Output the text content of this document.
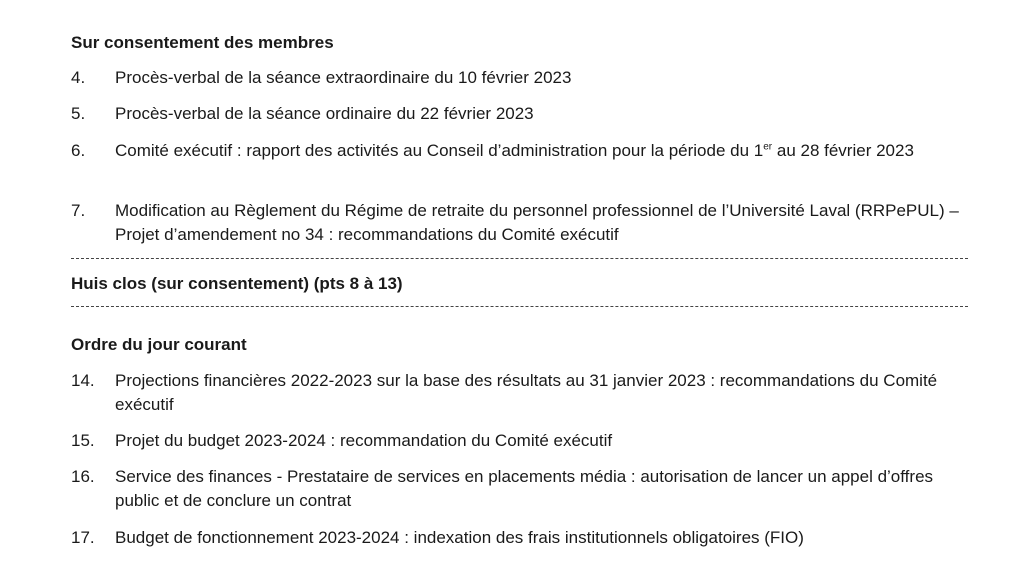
Sur consentement des membres
4.	Procès-verbal de la séance extraordinaire du 10 février 2023
5.	Procès-verbal de la séance ordinaire du 22 février 2023
6.	Comité exécutif : rapport des activités au Conseil d’administration pour la période du 1er au 28 février 2023
7.	Modification au Règlement du Régime de retraite du personnel professionnel de l’Université Laval (RRPePUL) – Projet d’amendement no 34 : recommandations du Comité exécutif
Huis clos (sur consentement) (pts 8 à 13)
Ordre du jour courant
14.	Projections financières 2022-2023 sur la base des résultats au 31 janvier 2023 : recommandations du Comité exécutif
15.	Projet du budget 2023-2024 : recommandation du Comité exécutif
16.	Service des finances - Prestataire de services en placements média : autorisation de lancer un appel d’offres public et de conclure un contrat
17.	Budget de fonctionnement 2023-2024 : indexation des frais institutionnels obligatoires (FIO)
